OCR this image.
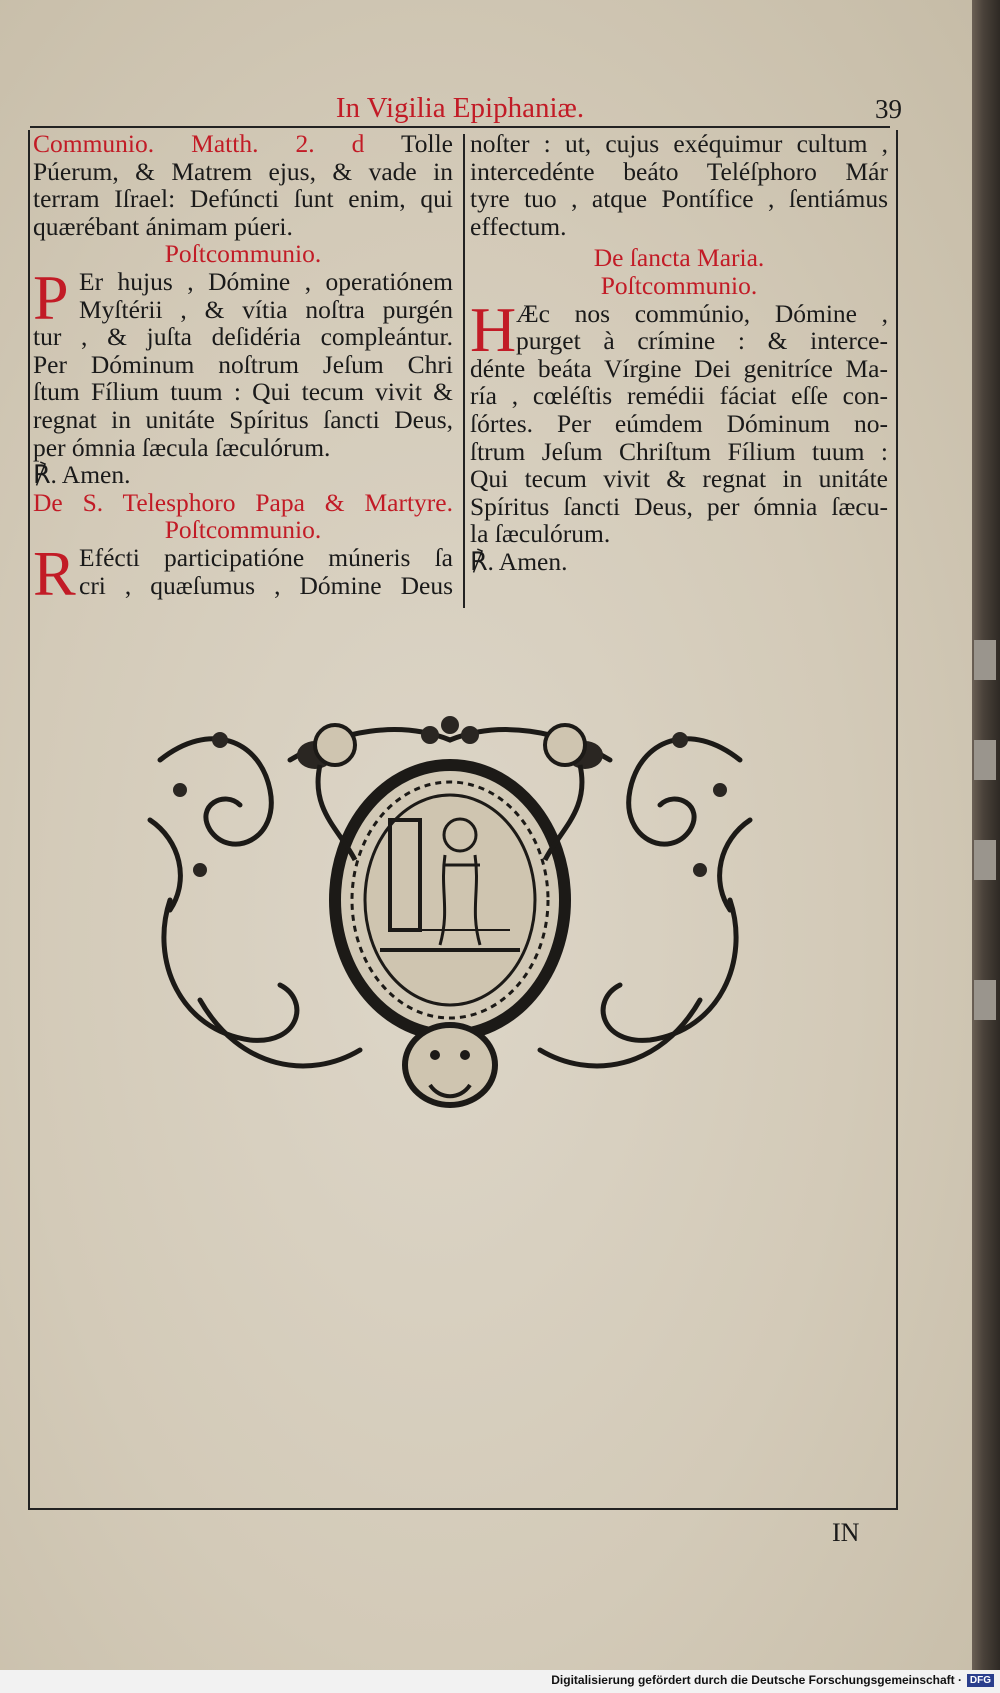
In Vigilia Epiphaniæ.	39
Communio. Matth. 2. d Tolle
Púerum, & Matrem ejus, & vade in
terram Iſrael: Defúncti ſunt enim, qui
quærébant ánimam púeri.
Poſtcommunio.
P Er hujus , Dómine , operatiónem
Myſtérii , & vítia noſtra purgén
tur , & juſta deſidéria compleántur.
Per Dóminum noſtrum Jeſum Chri
ſtum Fílium tuum : Qui tecum vivit &
regnat in unitáte Spíritus ſancti Deus,
per ómnia ſæcula ſæculórum.
℟. Amen.
De S. Telesphoro Papa & Martyre.
Poſtcommunio.
R Efécti participatióne múneris ſa
cri , quæſumus , Dómine Deus
noſter : ut, cujus exéquimur cultum ,
intercedénte beáto Teléſphoro Már
tyre tuo , atque Pontífice , ſentiámus
effectum.
De ſancta Maria.
Poſtcommunio.
H Æc nos commúnio, Dómine ,
purget à crímine : & interce-
dénte beáta Vírgine Dei genitríce Ma-
ría , cœléſtis remédii fáciat eſſe con-
ſórtes. Per eúmdem Dóminum no-
ſtrum Jeſum Chriſtum Fílium tuum :
Qui tecum vivit & regnat in unitáte
Spíritus ſancti Deus, per ómnia ſæcu-
la ſæculórum.
℟. Amen.
IN
Digitalisierung gefördert durch die Deutsche Forschungsgemeinschaft · DFG
